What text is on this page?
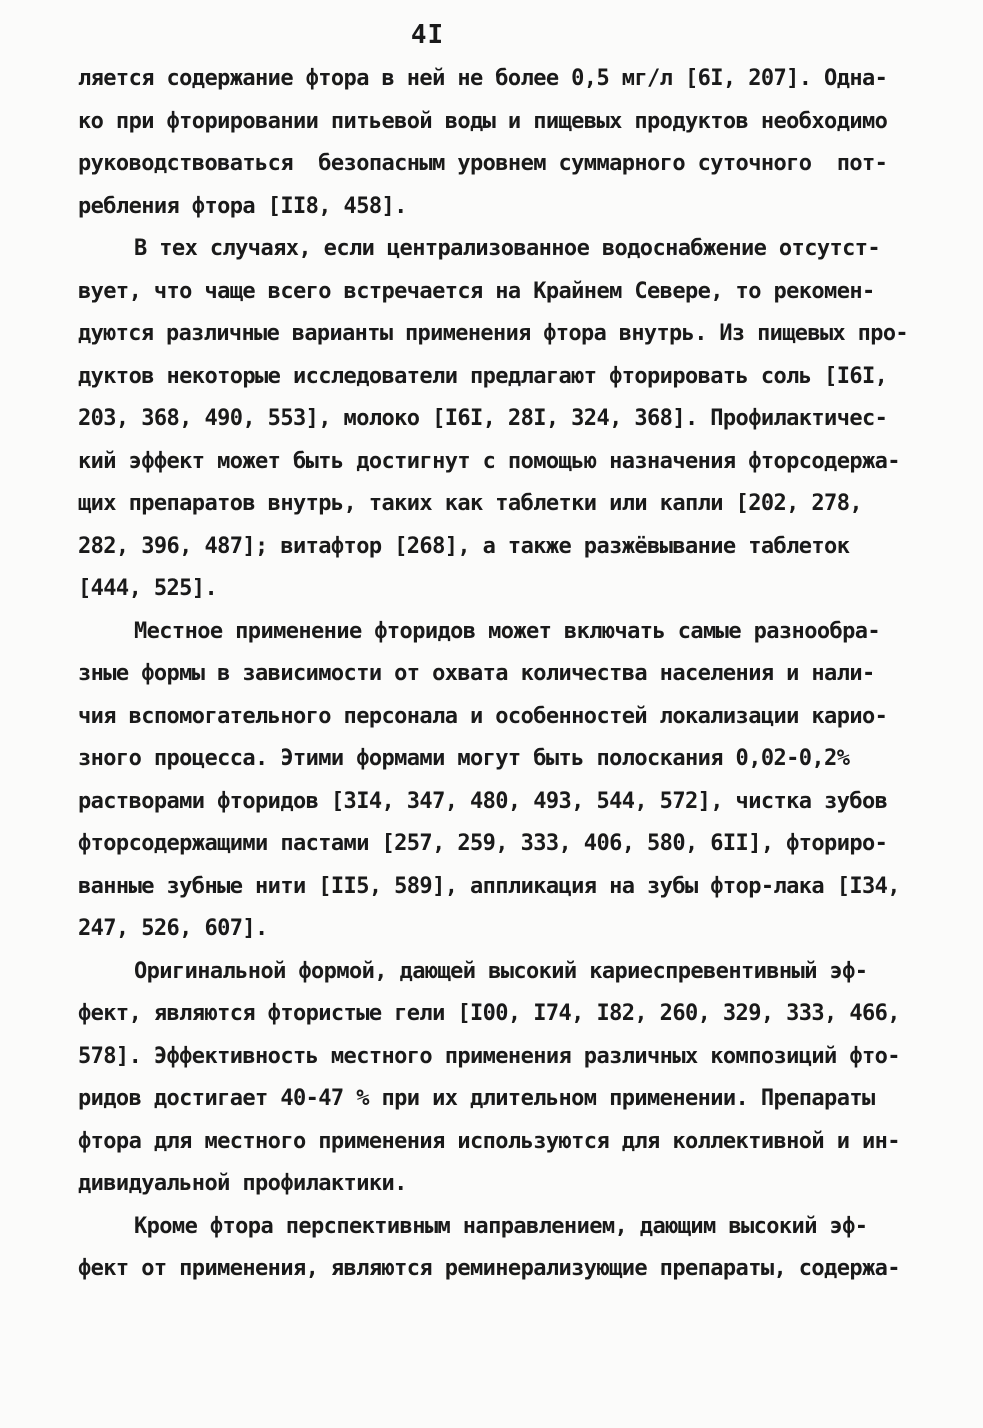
4I
ляется содержание фтора в ней не более 0,5 мг/л [6I, 207]. Одна-
ко при фторировании питьевой воды и пищевых продуктов необходимо
руководствоваться  безопасным уровнем суммарного суточного  пот-
ребления фтора [II8, 458].
В тех случаях, если централизованное водоснабжение отсутст-
вует, что чаще всего встречается на Крайнем Севере, то рекомен-
дуются различные варианты применения фтора внутрь. Из пищевых про-
дуктов некоторые исследователи предлагают фторировать соль [I6I,
203, 368, 490, 553], молоко [I6I, 28I, 324, 368]. Профилактичес-
кий эффект может быть достигнут с помощью назначения фторсодержа-
щих препаратов внутрь, таких как таблетки или капли [202, 278,
282, 396, 487]; витафтор [268], а также разжёвывание таблеток
[444, 525].
Местное применение фторидов может включать самые разнообра-
зные формы в зависимости от охвата количества населения и нали-
чия вспомогательного персонала и особенностей локализации карио-
зного процесса. Этими формами могут быть полоскания 0,02-0,2%
растворами фторидов [3I4, 347, 480, 493, 544, 572], чистка зубов
фторсодержащими пастами [257, 259, 333, 406, 580, 6II], фториро-
ванные зубные нити [II5, 589], аппликация на зубы фтор-лака [I34,
247, 526, 607].
Оригинальной формой, дающей высокий кариеспревентивный эф-
фект, являются фтористые гели [I00, I74, I82, 260, 329, 333, 466,
578]. Эффективность местного применения различных композиций фто-
ридов достигает 40-47 % при их длительном применении. Препараты
фтора для местного применения используются для коллективной и ин-
дивидуальной профилактики.
Кроме фтора перспективным направлением, дающим высокий эф-
фект от применения, являются реминерализующие препараты, содержа-
